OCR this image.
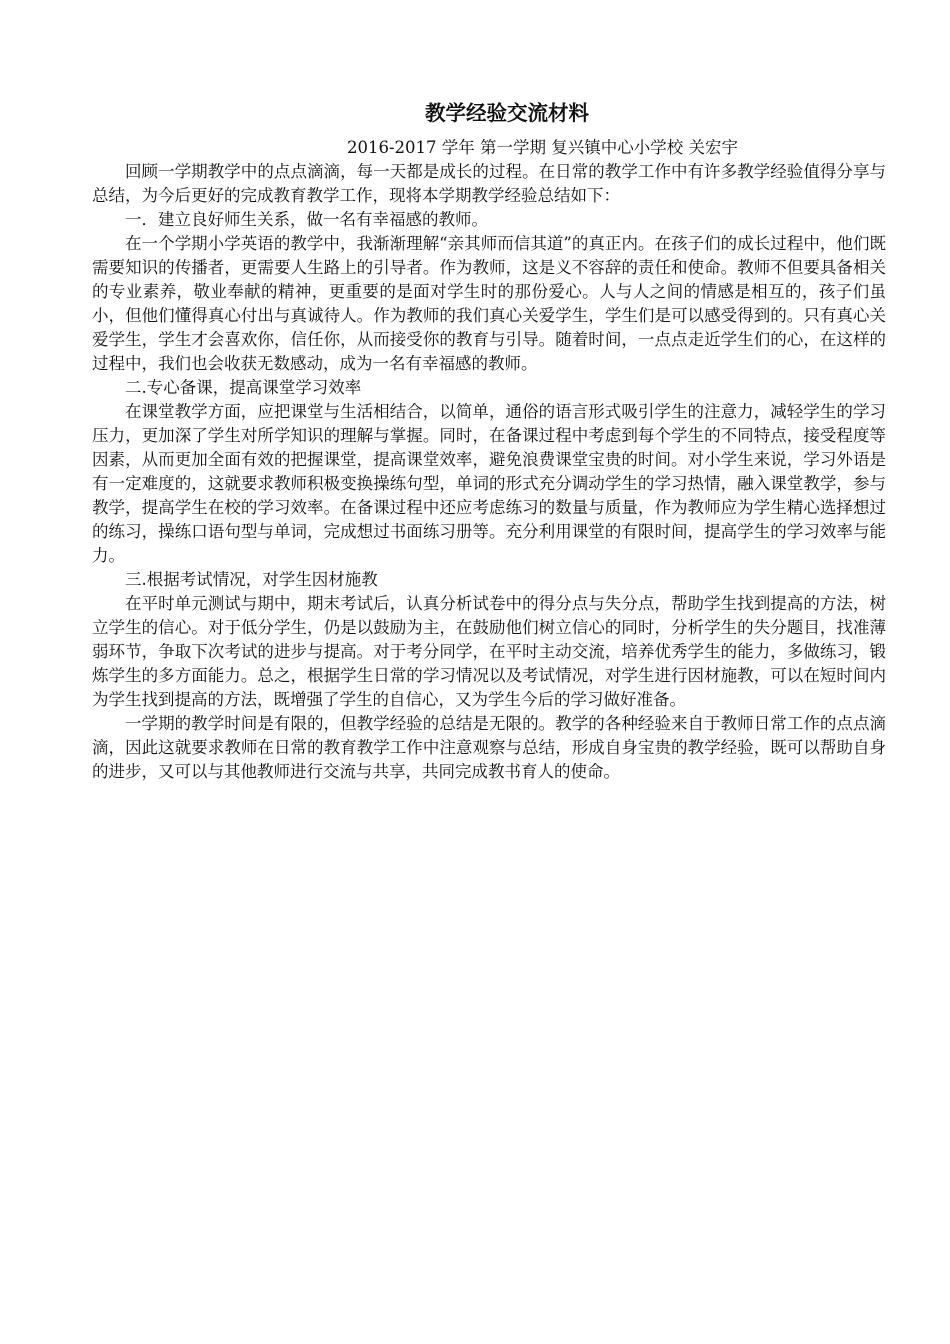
教学经验交流材料

2016-2017 学年 第一学期 复兴镇中心小学校 关宏宇

回顾一学期教学中的点点滴滴，每一天都是成长的过程。在日常的教学工作中有许多教学经验值得分享与总结，为今后更好的完成教育教学工作，现将本学期教学经验总结如下：

一．建立良好师生关系，做一名有幸福感的教师。

在一个学期小学英语的教学中，我渐渐理解“亲其师而信其道”的真正内。在孩子们的成长过程中，他们既需要知识的传播者，更需要人生路上的引导者。作为教师，这是义不容辞的责任和使命。教师不但要具备相关的专业素养，敬业奉献的精神，更重要的是面对学生时的那份爱心。人与人之间的情感是相互的，孩子们虽小，但他们懂得真心付出与真诚待人。作为教师的我们真心关爱学生，学生们是可以感受得到的。只有真心关爱学生，学生才会喜欢你，信任你，从而接受你的教育与引导。随着时间，一点点走近学生们的心，在这样的过程中，我们也会收获无数感动，成为一名有幸福感的教师。

二.专心备课，提高课堂学习效率

在课堂教学方面，应把课堂与生活相结合，以简单，通俗的语言形式吸引学生的注意力，减轻学生的学习压力，更加深了学生对所学知识的理解与掌握。同时，在备课过程中考虑到每个学生的不同特点，接受程度等因素，从而更加全面有效的把握课堂，提高课堂效率，避免浪费课堂宝贵的时间。对小学生来说，学习外语是有一定难度的，这就要求教师积极变换操练句型，单词的形式充分调动学生的学习热情，融入课堂教学，参与教学，提高学生在校的学习效率。在备课过程中还应考虑练习的数量与质量，作为教师应为学生精心选择想过的练习，操练口语句型与单词，完成想过书面练习册等。充分利用课堂的有限时间，提高学生的学习效率与能力。

三.根据考试情况，对学生因材施教

在平时单元测试与期中，期末考试后，认真分析试卷中的得分点与失分点，帮助学生找到提高的方法，树立学生的信心。对于低分学生，仍是以鼓励为主，在鼓励他们树立信心的同时，分析学生的失分题目，找准薄弱环节，争取下次考试的进步与提高。对于考分同学，在平时主动交流，培养优秀学生的能力，多做练习，锻炼学生的多方面能力。总之，根据学生日常的学习情况以及考试情况，对学生进行因材施教，可以在短时间内为学生找到提高的方法，既增强了学生的自信心，又为学生今后的学习做好准备。

一学期的教学时间是有限的，但教学经验的总结是无限的。教学的各种经验来自于教师日常工作的点点滴滴，因此这就要求教师在日常的教育教学工作中注意观察与总结，形成自身宝贵的教学经验，既可以帮助自身的进步，又可以与其他教师进行交流与共享，共同完成教书育人的使命。
